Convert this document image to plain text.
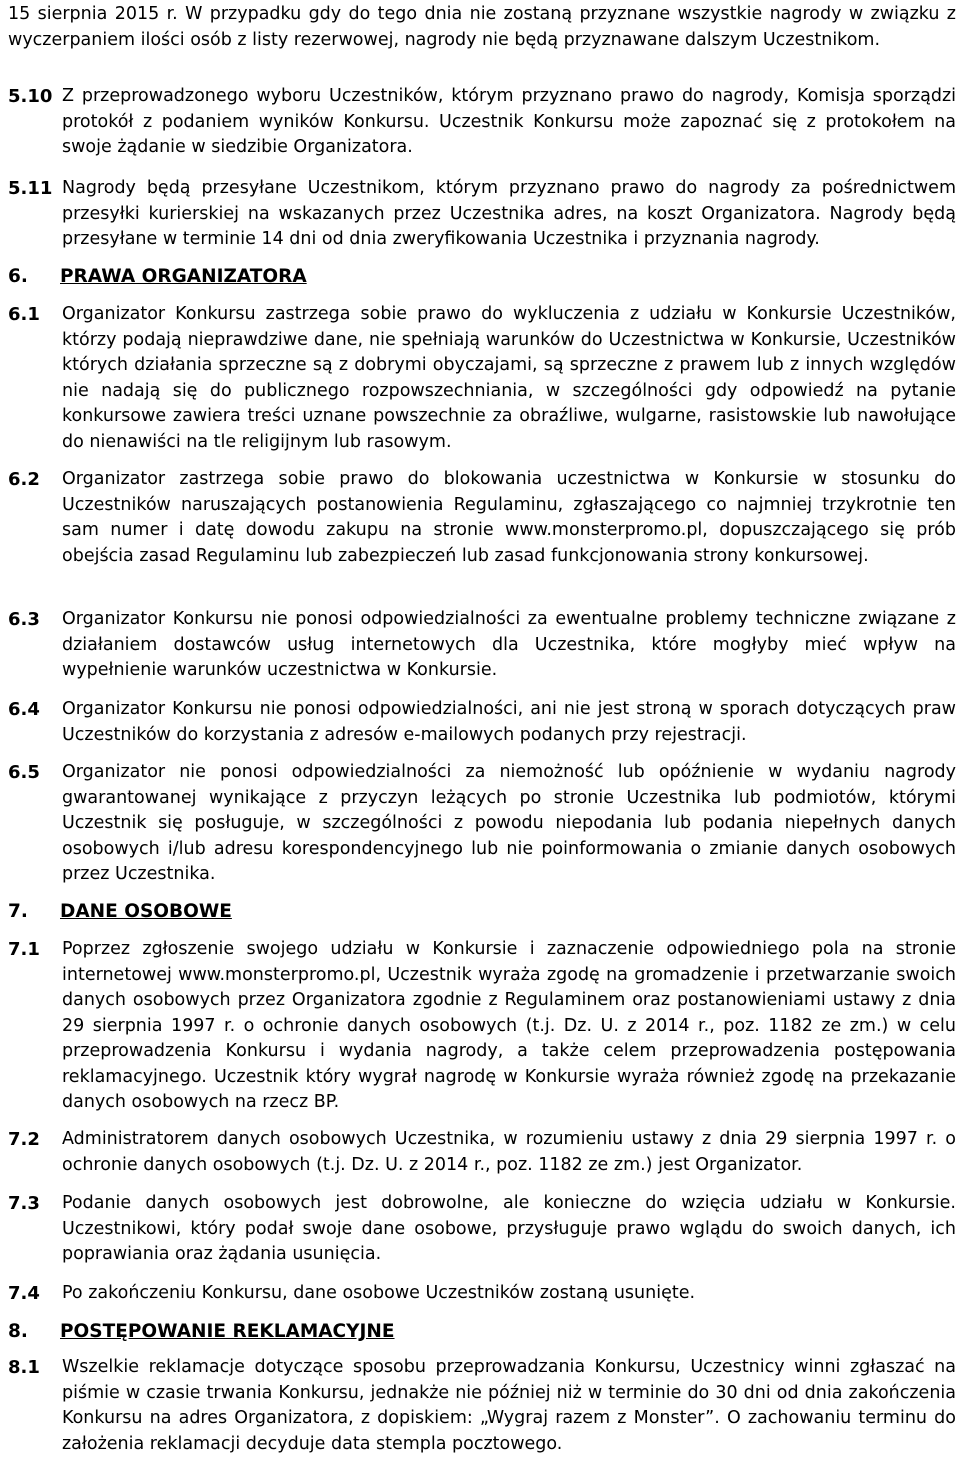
15 sierpnia 2015 r. W przypadku gdy do tego dnia nie zostaną przyznane wszystkie nagrody w związku z wyczerpaniem ilości osób z listy rezerwowej, nagrody nie będą przyznawane dalszym Uczestnikom.
5.10 Z przeprowadzonego wyboru Uczestników, którym przyznano prawo do nagrody, Komisja sporządzi protokół z podaniem wyników Konkursu. Uczestnik Konkursu może zapoznać się z protokołem na swoje żądanie w siedzibie Organizatora.
5.11 Nagrody będą przesyłane Uczestnikom, którym przyznano prawo do nagrody za pośrednictwem przesyłki kurierskiej na wskazanych przez Uczestnika adres, na koszt Organizatora. Nagrody będą przesyłane w terminie 14 dni od dnia zweryfikowania Uczestnika i przyznania nagrody.
6. PRAWA ORGANIZATORA
6.1 Organizator Konkursu zastrzega sobie prawo do wykluczenia z udziału w Konkursie Uczestników, którzy podają nieprawdziwe dane, nie spełniają warunków do Uczestnictwa w Konkursie, Uczestników których działania sprzeczne są z dobrymi obyczajami, są sprzeczne z prawem lub z innych względów nie nadają się do publicznego rozpowszechniania, w szczególności gdy odpowiedź na pytanie konkursowe zawiera treści uznane powszechnie za obraźliwe, wulgarne, rasistowskie lub nawołujące do nienawiści na tle religijnym lub rasowym.
6.2 Organizator zastrzega sobie prawo do blokowania uczestnictwa w Konkursie w stosunku do Uczestników naruszających postanowienia Regulaminu, zgłaszającego co najmniej trzykrotnie ten sam numer i datę dowodu zakupu na stronie www.monsterpromo.pl, dopuszczającego się prób obejścia zasad Regulaminu lub zabezpieczeń lub zasad funkcjonowania strony konkursowej.
6.3 Organizator Konkursu nie ponosi odpowiedzialności za ewentualne problemy techniczne związane z działaniem dostawców usług internetowych dla Uczestnika, które mogłyby mieć wpływ na wypełnienie warunków uczestnictwa w Konkursie.
6.4 Organizator Konkursu nie ponosi odpowiedzialności, ani nie jest stroną w sporach dotyczących praw Uczestników do korzystania z adresów e-mailowych podanych przy rejestracji.
6.5 Organizator nie ponosi odpowiedzialności za niemożność lub opóźnienie w wydaniu nagrody gwarantowanej wynikające z przyczyn leżących po stronie Uczestnika lub podmiotów, którymi Uczestnik się posługuje, w szczególności z powodu niepodania lub podania niepełnych danych osobowych i/lub adresu korespondencyjnego lub nie poinformowania o zmianie danych osobowych przez Uczestnika.
7. DANE OSOBOWE
7.1 Poprzez zgłoszenie swojego udziału w Konkursie i zaznaczenie odpowiedniego pola na stronie internetowej www.monsterpromo.pl, Uczestnik wyraża zgodę na gromadzenie i przetwarzanie swoich danych osobowych przez Organizatora zgodnie z Regulaminem oraz postanowieniami ustawy z dnia 29 sierpnia 1997 r. o ochronie danych osobowych (t.j. Dz. U. z 2014 r., poz. 1182 ze zm.) w celu przeprowadzenia Konkursu i wydania nagrody, a także celem przeprowadzenia postępowania reklamacyjnego. Uczestnik który wygrał nagrodę w Konkursie wyraża również zgodę na przekazanie danych osobowych na rzecz BP.
7.2 Administratorem danych osobowych Uczestnika, w rozumieniu ustawy z dnia 29 sierpnia 1997 r. o ochronie danych osobowych (t.j. Dz. U. z 2014 r., poz. 1182 ze zm.) jest Organizator.
7.3 Podanie danych osobowych jest dobrowolne, ale konieczne do wzięcia udziału w Konkursie. Uczestnikowi, który podał swoje dane osobowe, przysługuje prawo wglądu do swoich danych, ich poprawiania oraz żądania usunięcia.
7.4 Po zakończeniu Konkursu, dane osobowe Uczestników zostaną usunięte.
8. POSTĘPOWANIE REKLAMACYJNE
8.1 Wszelkie reklamacje dotyczące sposobu przeprowadzania Konkursu, Uczestnicy winni zgłaszać na piśmie w czasie trwania Konkursu, jednakże nie później niż w terminie do 30 dni od dnia zakończenia Konkursu na adres Organizatora, z dopiskiem: „Wygraj razem z Monster”. O zachowaniu terminu do założenia reklamacji decyduje data stempla pocztowego.
